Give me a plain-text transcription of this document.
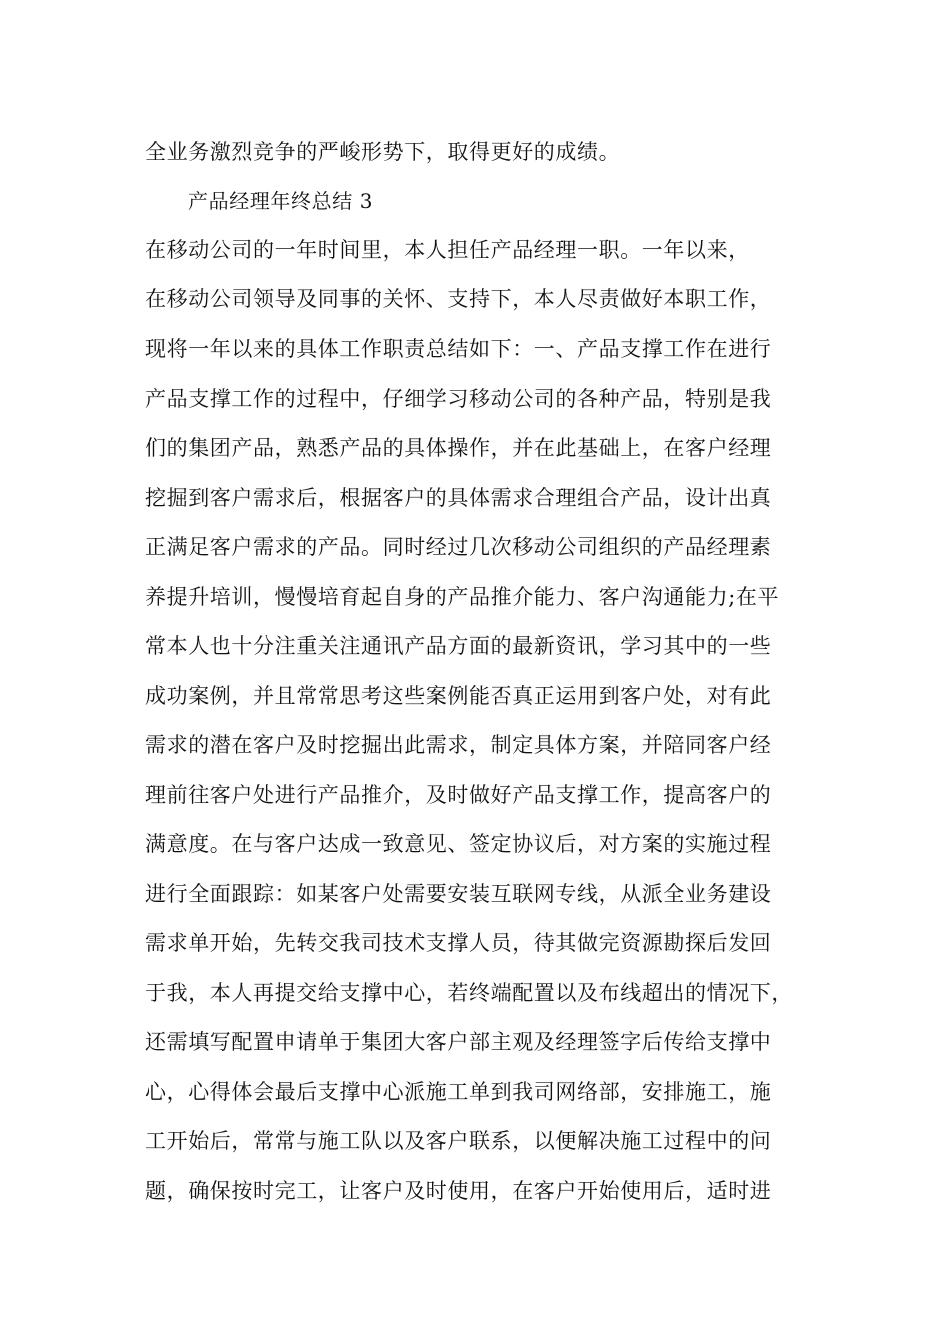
全业务激烈竞争的严峻形势下，取得更好的成绩。
产品经理年终总结 3
在移动公司的一年时间里，本人担任产品经理一职。一年以来，
在移动公司领导及同事的关怀、支持下，本人尽责做好本职工作，
现将一年以来的具体工作职责总结如下：一、产品支撑工作在进行
产品支撑工作的过程中，仔细学习移动公司的各种产品，特别是我
们的集团产品，熟悉产品的具体操作，并在此基础上，在客户经理
挖掘到客户需求后，根据客户的具体需求合理组合产品，设计出真
正满足客户需求的产品。同时经过几次移动公司组织的产品经理素
养提升培训，慢慢培育起自身的产品推介能力、客户沟通能力;在平
常本人也十分注重关注通讯产品方面的最新资讯，学习其中的一些
成功案例，并且常常思考这些案例能否真正运用到客户处，对有此
需求的潜在客户及时挖掘出此需求，制定具体方案，并陪同客户经
理前往客户处进行产品推介，及时做好产品支撑工作，提高客户的
满意度。在与客户达成一致意见、签定协议后，对方案的实施过程
进行全面跟踪：如某客户处需要安装互联网专线，从派全业务建设
需求单开始，先转交我司技术支撑人员，待其做完资源勘探后发回
于我，本人再提交给支撑中心，若终端配置以及布线超出的情况下，
还需填写配置申请单于集团大客户部主观及经理签字后传给支撑中
心，心得体会最后支撑中心派施工单到我司网络部，安排施工，施
工开始后，常常与施工队以及客户联系，以便解决施工过程中的问
题，确保按时完工，让客户及时使用，在客户开始使用后，适时进
